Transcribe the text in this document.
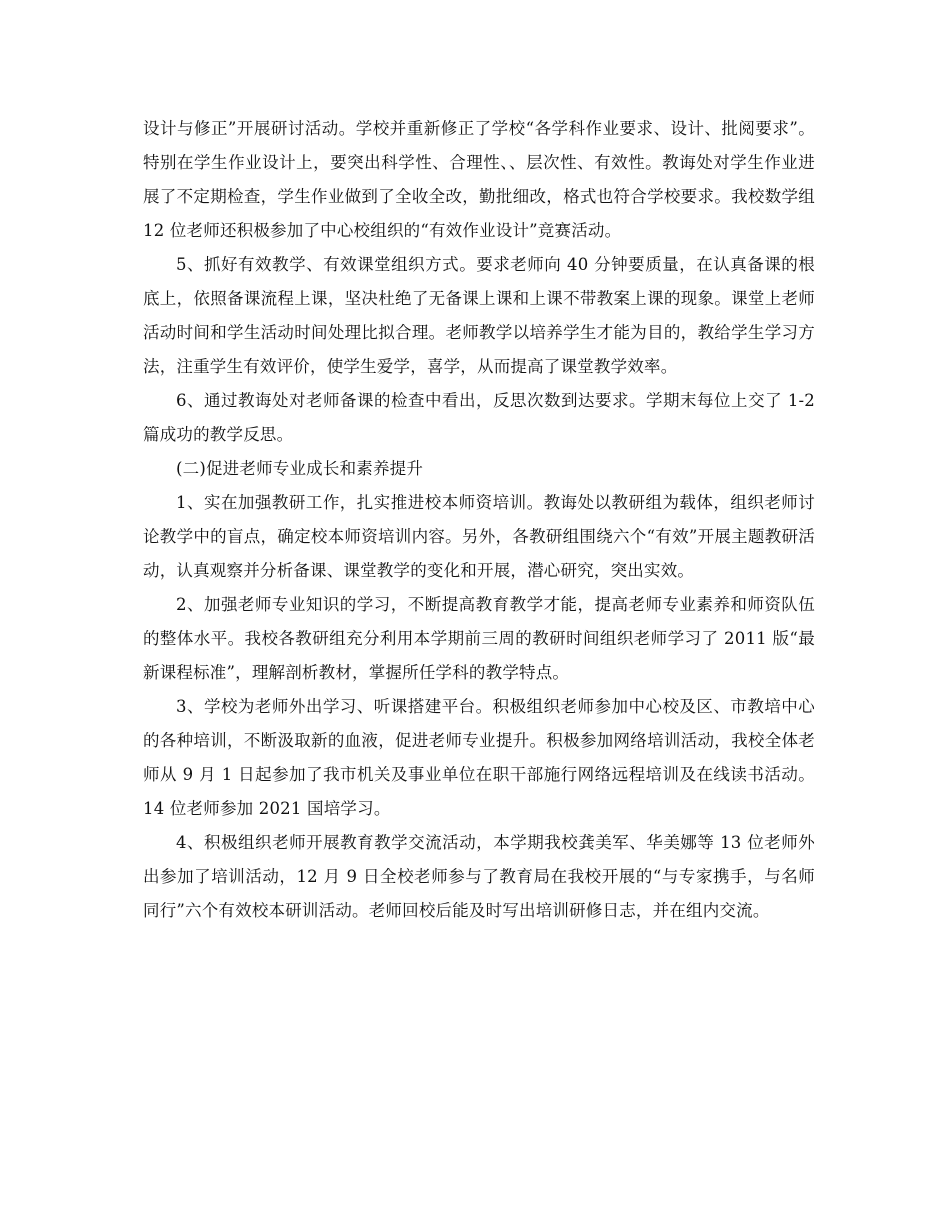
设计与修正”开展研讨活动。学校并重新修正了学校“各学科作业要求、设计、批阅要求”。特别在学生作业设计上，要突出科学性、合理性、、层次性、有效性。教诲处对学生作业进展了不定期检查，学生作业做到了全收全改，勤批细改，格式也符合学校要求。我校数学组 12 位老师还积极参加了中心校组织的“有效作业设计”竞赛活动。

5、抓好有效教学、有效课堂组织方式。要求老师向 40 分钟要质量，在认真备课的根底上，依照备课流程上课，坚决杜绝了无备课上课和上课不带教案上课的现象。课堂上老师活动时间和学生活动时间处理比拟合理。老师教学以培养学生才能为目的，教给学生学习方法，注重学生有效评价，使学生爱学，喜学，从而提高了课堂教学效率。

6、通过教诲处对老师备课的检查中看出，反思次数到达要求。学期末每位上交了 1-2 篇成功的教学反思。

(二)促进老师专业成长和素养提升

1、实在加强教研工作，扎实推进校本师资培训。教诲处以教研组为载体，组织老师讨论教学中的盲点，确定校本师资培训内容。另外，各教研组围绕六个“有效”开展主题教研活动，认真观察并分析备课、课堂教学的变化和开展，潜心研究，突出实效。

2、加强老师专业知识的学习，不断提高教育教学才能，提高老师专业素养和师资队伍的整体水平。我校各教研组充分利用本学期前三周的教研时间组织老师学习了 2011 版“最新课程标准”，理解剖析教材，掌握所任学科的教学特点。

3、学校为老师外出学习、听课搭建平台。积极组织老师参加中心校及区、市教培中心的各种培训，不断汲取新的血液，促进老师专业提升。积极参加网络培训活动，我校全体老师从 9 月 1 日起参加了我市机关及事业单位在职干部施行网络远程培训及在线读书活动。14 位老师参加 2021 国培学习。

4、积极组织老师开展教育教学交流活动，本学期我校龚美军、华美娜等 13 位老师外出参加了培训活动，12 月 9 日全校老师参与了教育局在我校开展的“与专家携手，与名师同行”六个有效校本研训活动。老师回校后能及时写出培训研修日志，并在组内交流。
